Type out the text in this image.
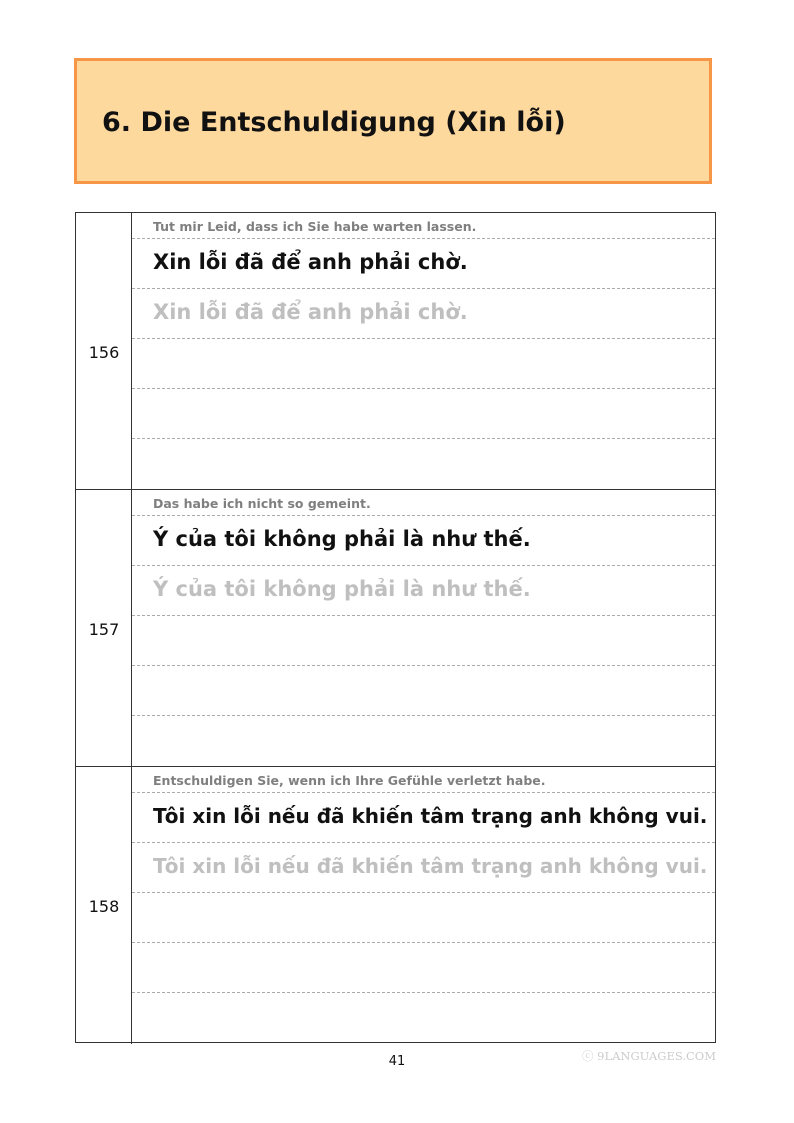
6. Die Entschuldigung (Xin lỗi)
156
Tut mir Leid, dass ich Sie habe warten lassen.
Xin lỗi đã để anh phải chờ.
Xin lỗi đã để anh phải chờ.
157
Das habe ich nicht so gemeint.
Ý của tôi không phải là như thế.
Ý của tôi không phải là như thế.
158
Entschuldigen Sie, wenn ich Ihre Gefühle verletzt habe.
Tôi xin lỗi nếu đã khiến tâm trạng anh không vui.
Tôi xin lỗi nếu đã khiến tâm trạng anh không vui.
41	ⓒ 9LANGUAGES.COM
